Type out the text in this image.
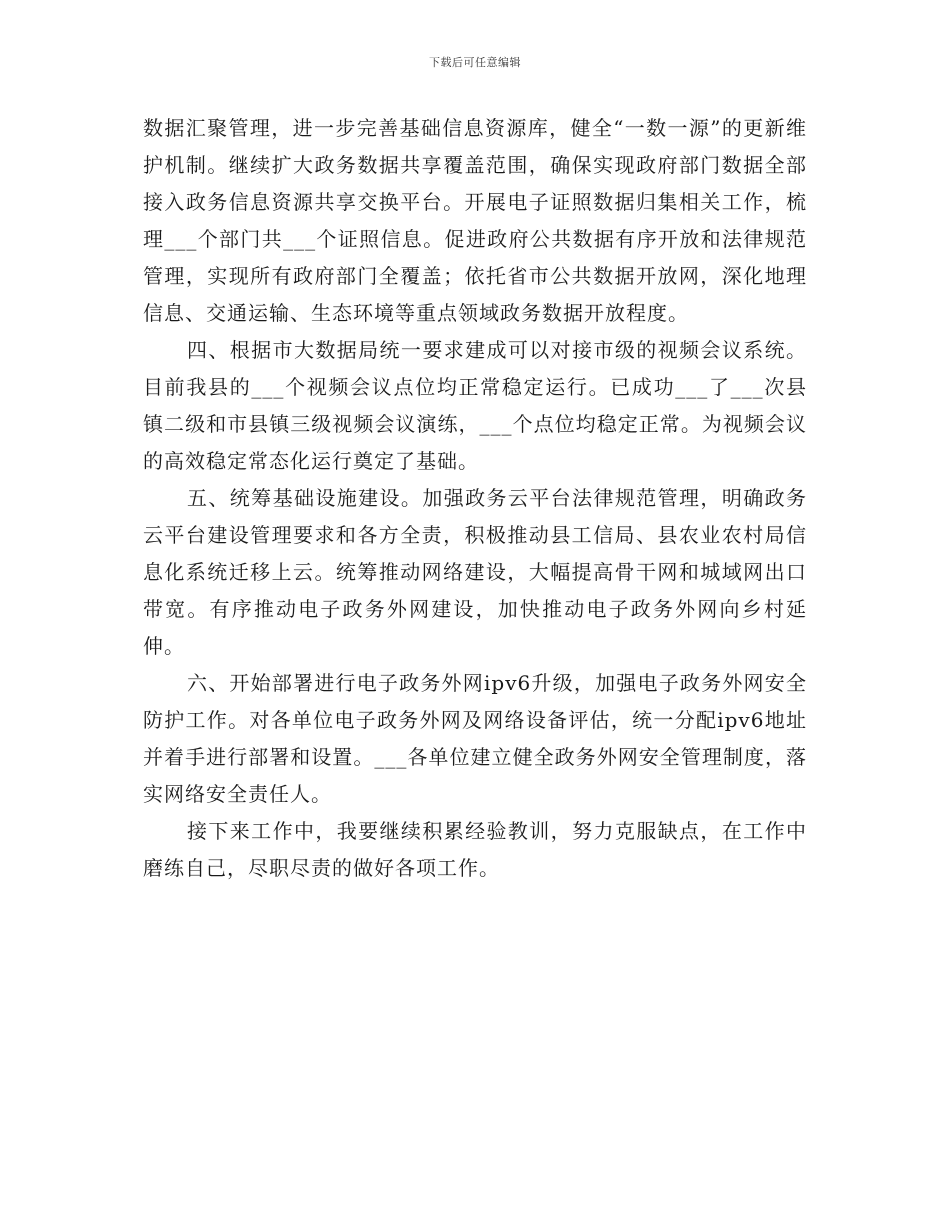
下载后可任意编辑

数据汇聚管理，进一步完善基础信息资源库，健全“一数一源”的更新维护机制。继续扩大政务数据共享覆盖范围，确保实现政府部门数据全部接入政务信息资源共享交换平台。开展电子证照数据归集相关工作，梳理___个部门共___个证照信息。促进政府公共数据有序开放和法律规范管理，实现所有政府部门全覆盖；依托省市公共数据开放网，深化地理信息、交通运输、生态环境等重点领域政务数据开放程度。

四、根据市大数据局统一要求建成可以对接市级的视频会议系统。目前我县的___个视频会议点位均正常稳定运行。已成功___了___次县镇二级和市县镇三级视频会议演练，___个点位均稳定正常。为视频会议的高效稳定常态化运行奠定了基础。

五、统筹基础设施建设。加强政务云平台法律规范管理，明确政务云平台建设管理要求和各方全责，积极推动县工信局、县农业农村局信息化系统迁移上云。统筹推动网络建设，大幅提高骨干网和城域网出口带宽。有序推动电子政务外网建设，加快推动电子政务外网向乡村延伸。

六、开始部署进行电子政务外网ipv6升级，加强电子政务外网安全防护工作。对各单位电子政务外网及网络设备评估，统一分配ipv6地址并着手进行部署和设置。___各单位建立健全政务外网安全管理制度，落实网络安全责任人。

接下来工作中，我要继续积累经验教训，努力克服缺点，在工作中磨练自己，尽职尽责的做好各项工作。
